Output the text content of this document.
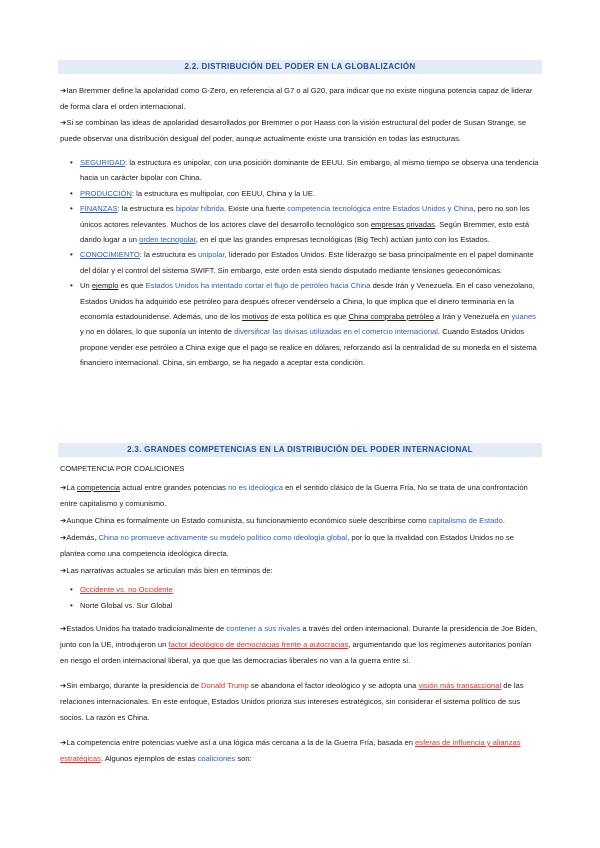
2.2. DISTRIBUCIÓN DEL PODER EN LA GLOBALIZACIÓN
➔Ian Bremmer define la apolaridad como G-Zero, en referencia al G7 o al G20, para indicar que no existe ninguna potencia capaz de liderar de forma clara el orden internacional.
➔Si se combinan las ideas de apolaridad desarrollados por Bremmer o por Haass con la visión estructural del poder de Susan Strange, se puede observar una distribución desigual del poder, aunque actualmente existe una transición en todas las estructuras.
• SEGURIDAD: la estructura es unipolar, con una posición dominante de EEUU. Sin embargo, al mismo tiempo se observa una tendencia hacia un carácter bipolar con China.
• PRODUCCIÓN: la estructura es multipolar, con EEUU, China y la UE.
• FINANZAS: la estructura es bipolar híbrida. Existe una fuerte competencia tecnológica entre Estados Unidos y China, pero no son los únicos actores relevantes. Muchos de los actores clave del desarrollo tecnológico son empresas privadas. Según Bremmer, esto está dando lugar a un orden tecnopolar, en el que las grandes empresas tecnológicas (Big Tech) actúan junto con los Estados.
• CONOCIMIENTO: la estructura es unipolar, liderado por Estados Unidos. Este liderazgo se basa principalmente en el papel dominante del dólar y el control del sistema SWIFT. Sin embargo, este orden está siendo disputado mediante tensiones geoeconómicas.
• Un ejemplo es que Estados Unidos ha intentado cortar el flujo de petróleo hacia China desde Irán y Venezuela. En el caso venezolano, Estados Unidos ha adquirido ese petróleo para después ofrecer vendérselo a China, lo que implica que el dinero terminaría en la economía estadounidense. Además, uno de los motivos de esta política es que China compraba petróleo a Irán y Venezuela en yuanes y no en dólares, lo que suponía un intento de diversificar las divisas utilizadas en el comercio internacional. Cuando Estados Unidos propone vender ese petróleo a China exige que el pago se realice en dólares, reforzando así la centralidad de su moneda en el sistema financiero internacional. China, sin embargo, se ha negado a aceptar esta condición.
2.3. GRANDES COMPETENCIAS EN LA DISTRIBUCIÓN DEL PODER INTERNACIONAL
COMPETENCIA POR COALICIONES
➔La competencia actual entre grandes potencias no es ideológica en el sentido clásico de la Guerra Fría. No se trata de una confrontación entre capitalismo y comunismo.
➔Aunque China es formalmente un Estado comunista, su funcionamiento económico suele describirse como capitalismo de Estado.
➔Además, China no promueve activamente su modelo político como ideología global, por lo que la rivalidad con Estados Unidos no se plantea como una competencia ideológica directa.
➔Las narrativas actuales se articulan más bien en términos de:
• Occidente vs. no Occidente
• Norte Global vs. Sur Global
➔Estados Unidos ha tratado tradicionalmente de contener a sus rivales a través del orden internacional. Durante la presidencia de Joe Biden, junto con la UE, introdujeron un factor ideológico de democracias frente a autocracias, argumentando que los regímenes autoritarios ponían en riesgo el orden internacional liberal, ya que que las democracias liberales no van a la guerra entre sí.
➔Sin embargo, durante la presidencia de Donald Trump se abandona el factor ideológico y se adopta una visión más transaccional de las relaciones internacionales. En este enfoque, Estados Unidos prioriza sus intereses estratégicos, sin considerar el sistema político de sus socios. La razón es China.
➔La competencia entre potencias vuelve así a una lógica más cercana a la de la Guerra Fría, basada en esferas de influencia y alianzas estratégicas. Algunos ejemplos de estas coaliciones son:
